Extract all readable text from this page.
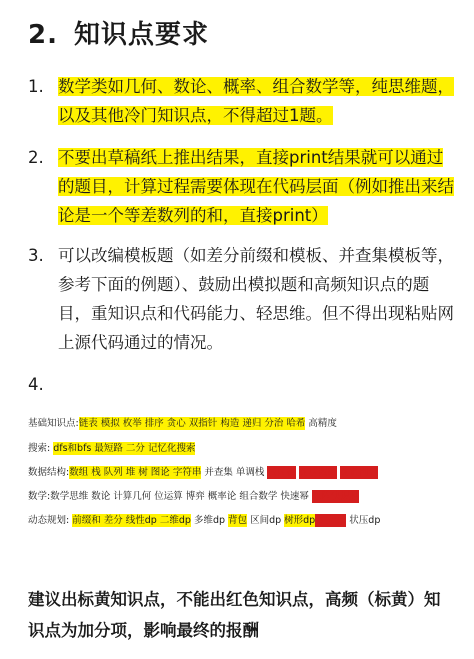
2. 知识点要求
1. 数学类如几何、数论、概率、组合数学等，纯思维题，以及其他冷门知识点，不得超过1题。
2. 不要出草稿纸上推出结果，直接print结果就可以通过的题目，计算过程需要体现在代码层面（例如推出来结论是一个等差数列的和，直接print）
3. 可以改编模板题（如差分前缀和模板、并查集模板等，参考下面的例题）、鼓励出模拟题和高频知识点的题目，重知识点和代码能力、轻思维。但不得出现粘贴网上源代码通过的情况。
4.
基础知识点:链表 模拟 枚举 排序 贪心 双指针 构造 递归 分治 哈希 高精度
搜索: dfs和bfs 最短路 二分 记忆化搜索
数据结构:数组 栈 队列 堆 树 图论 字符串 并查集 单调栈 线段树 树状数组 树链剖分
数学:数学思维 数论 计算几何 位运算 博弈 概率论 组合数学 快速幂 矩阵快速幂
动态规划: 前缀和 差分 线性dp 二维dp 多维dp 背包 区间dp 树形dp数位dp 状压dp
建议出标黄知识点，不能出红色知识点，高频（标黄）知识点为加分项，影响最终的报酬
